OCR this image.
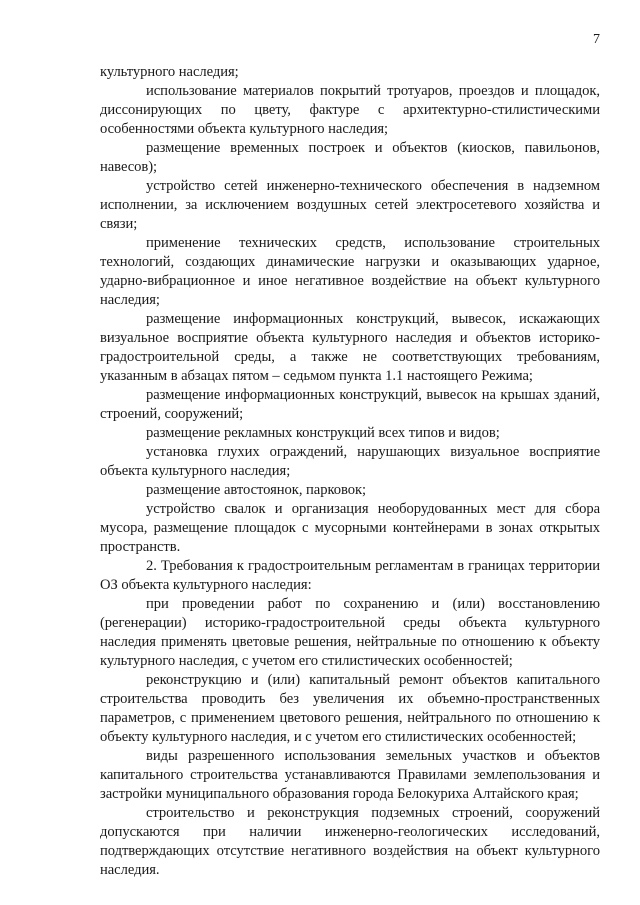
7

культурного наследия;

использование материалов покрытий тротуаров, проездов и площадок, диссонирующих по цвету, фактуре с архитектурно-стилистическими особенностями объекта культурного наследия;

размещение временных построек и объектов (киосков, павильонов, навесов);

устройство сетей инженерно-технического обеспечения в надземном исполнении, за исключением воздушных сетей электросетевого хозяйства и связи;

применение технических средств, использование строительных технологий, создающих динамические нагрузки и оказывающих ударное, ударно-вибрационное и иное негативное воздействие на объект культурного наследия;

размещение информационных конструкций, вывесок, искажающих визуальное восприятие объекта культурного наследия и объектов историко-градостроительной среды, а также не соответствующих требованиям, указанным в абзацах пятом – седьмом пункта 1.1 настоящего Режима;

размещение информационных конструкций, вывесок на крышах зданий, строений, сооружений;

размещение рекламных конструкций всех типов и видов;

установка глухих ограждений, нарушающих визуальное восприятие объекта культурного наследия;

размещение автостоянок, парковок;

устройство свалок и организация необорудованных мест для сбора мусора, размещение площадок с мусорными контейнерами в зонах открытых пространств.

2. Требования к градостроительным регламентам в границах территории ОЗ объекта культурного наследия:

при проведении работ по сохранению и (или) восстановлению (регенерации) историко-градостроительной среды объекта культурного наследия применять цветовые решения, нейтральные по отношению к объекту культурного наследия, с учетом его стилистических особенностей;

реконструкцию и (или) капитальный ремонт объектов капитального строительства проводить без увеличения их объемно-пространственных параметров, с применением цветового решения, нейтрального по отношению к объекту культурного наследия, и с учетом его стилистических особенностей;

виды разрешенного использования земельных участков и объектов капитального строительства устанавливаются Правилами землепользования и застройки муниципального образования города Белокуриха Алтайского края;

строительство и реконструкция подземных строений, сооружений допускаются при наличии инженерно-геологических исследований, подтверждающих отсутствие негативного воздействия на объект культурного наследия.
